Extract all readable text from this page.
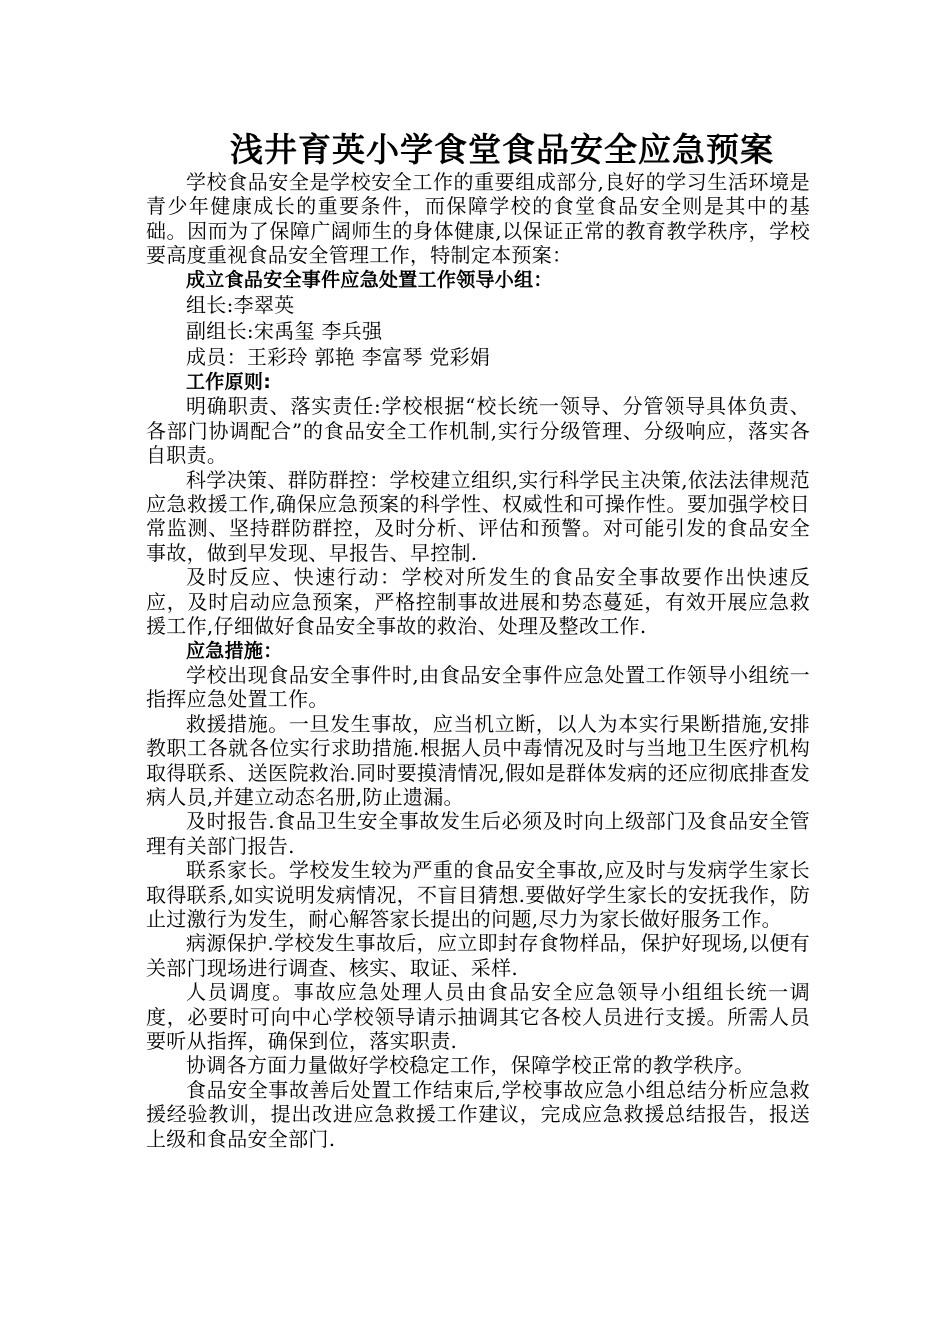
浅井育英小学食堂食品安全应急预案

学校食品安全是学校安全工作的重要组成部分,良好的学习生活环境是青少年健康成长的重要条件，而保障学校的食堂食品安全则是其中的基础。因而为了保障广阔师生的身体健康,以保证正常的教育教学秩序，学校要高度重视食品安全管理工作，特制定本预案：

成立食品安全事件应急处置工作领导小组：

组长:李翠英

副组长:宋禹玺 李兵强

成员：王彩玲 郭艳 李富琴 党彩娟

工作原则:

明确职责、落实责任:学校根据“校长统一领导、分管领导具体负责、各部门协调配合”的食品安全工作机制,实行分级管理、分级响应，落实各自职责。

科学决策、群防群控：学校建立组织,实行科学民主决策,依法法律规范应急救援工作,确保应急预案的科学性、权威性和可操作性。要加强学校日常监测、坚持群防群控，及时分析、评估和预警。对可能引发的食品安全事故，做到早发现、早报告、早控制.

及时反应、快速行动：学校对所发生的食品安全事故要作出快速反应，及时启动应急预案，严格控制事故进展和势态蔓延，有效开展应急救援工作,仔细做好食品安全事故的救治、处理及整改工作.

应急措施：

学校出现食品安全事件时,由食品安全事件应急处置工作领导小组统一指挥应急处置工作。

救援措施。一旦发生事故，应当机立断，以人为本实行果断措施,安排教职工各就各位实行求助措施.根据人员中毒情况及时与当地卫生医疗机构取得联系、送医院救治.同时要摸清情况,假如是群体发病的还应彻底排查发病人员,并建立动态名册,防止遗漏。

及时报告.食品卫生安全事故发生后必须及时向上级部门及食品安全管理有关部门报告.

联系家长。学校发生较为严重的食品安全事故,应及时与发病学生家长取得联系,如实说明发病情况，不盲目猜想.要做好学生家长的安抚我作，防止过激行为发生，耐心解答家长提出的问题,尽力为家长做好服务工作。

病源保护.学校发生事故后，应立即封存食物样品，保护好现场,以便有关部门现场进行调查、核实、取证、采样.

人员调度。事故应急处理人员由食品安全应急领导小组组长统一调度，必要时可向中心学校领导请示抽调其它各校人员进行支援。所需人员要听从指挥，确保到位，落实职责.

协调各方面力量做好学校稳定工作，保障学校正常的教学秩序。

食品安全事故善后处置工作结束后,学校事故应急小组总结分析应急救援经验教训，提出改进应急救援工作建议，完成应急救援总结报告，报送上级和食品安全部门.
